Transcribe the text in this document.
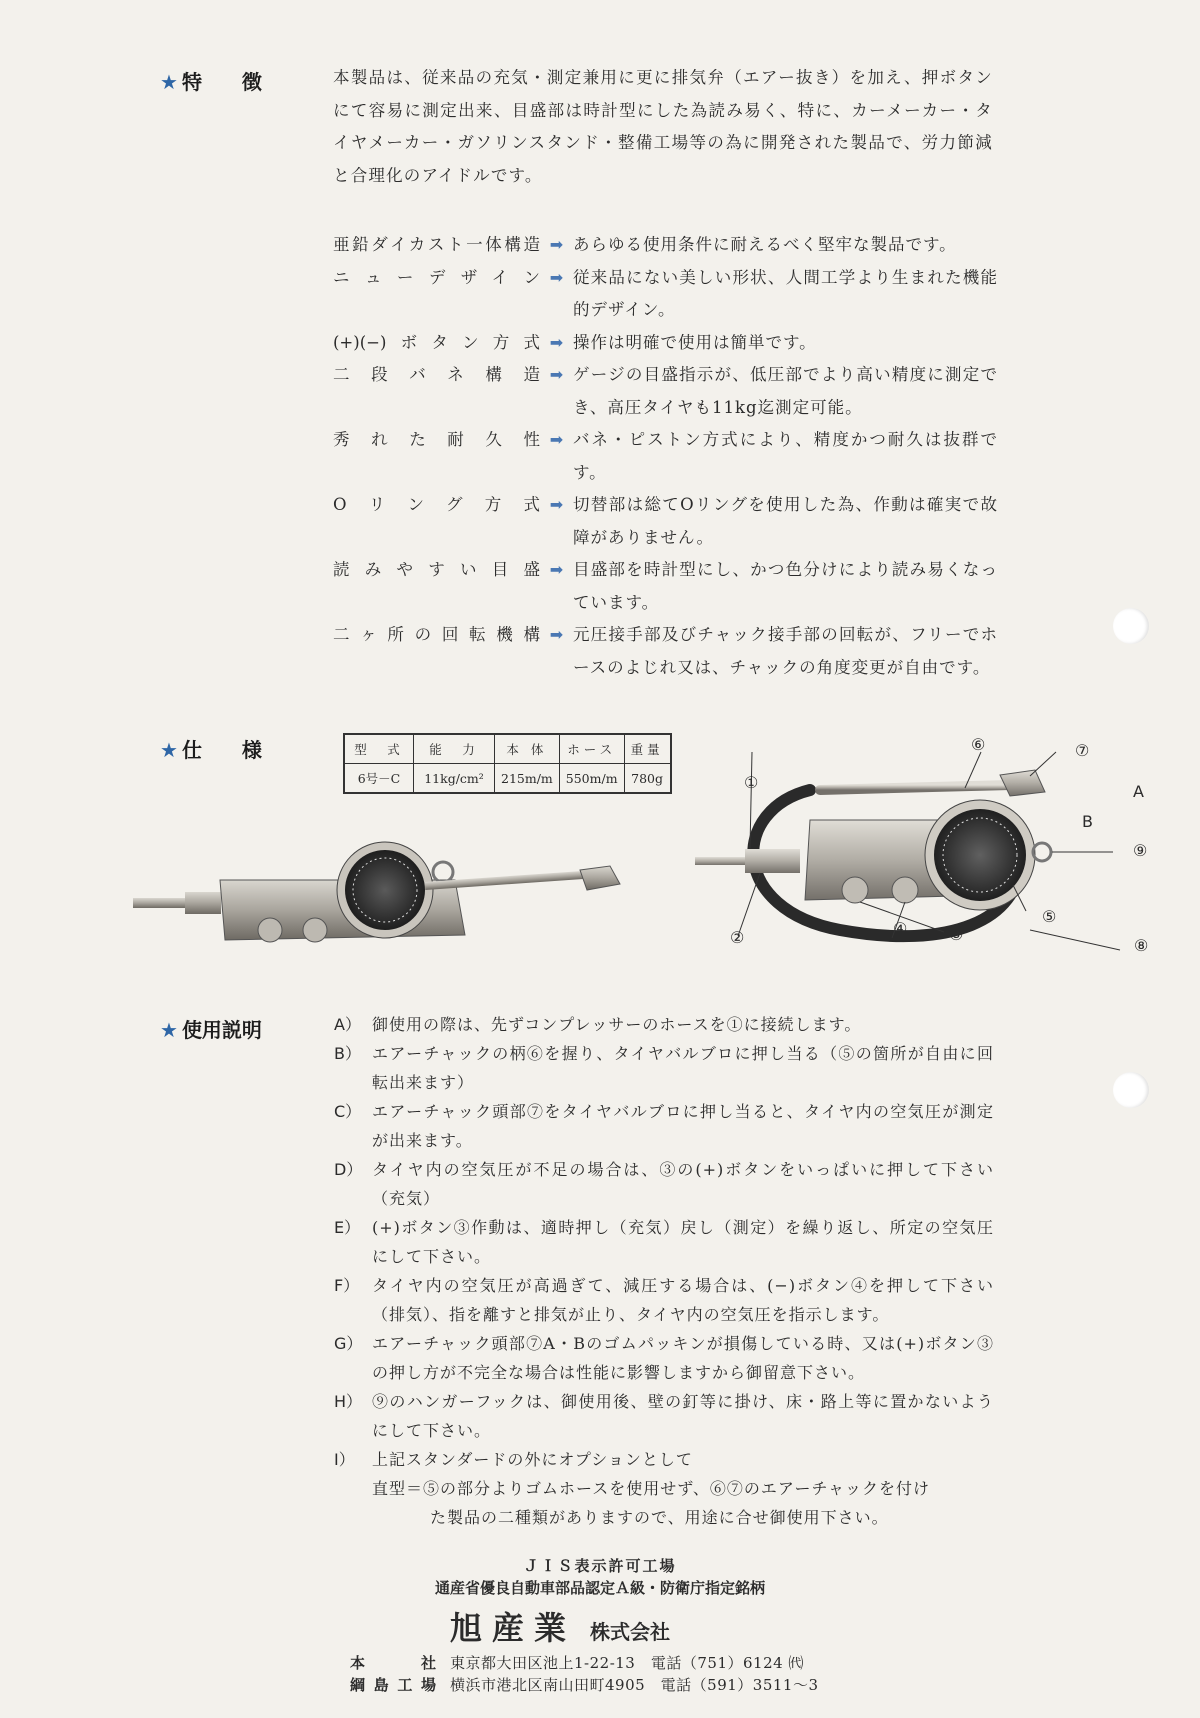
★ 特　　徴	本製品は、従来品の充気・測定兼用に更に排気弁（エアー抜き）を加え、押ボタンにて容易に測定出来、目盛部は時計型にした為読み易く、特に、カーメーカー・タイヤメーカー・ガソリンスタンド・整備工場等の為に開発された製品で、労力節減と合理化のアイドルです。
亜鉛ダイカスト一体構造 ➡ あらゆる使用条件に耐えるべく堅牢な製品です。
ニューデザイン ➡ 従来品にない美しい形状、人間工学より生まれた機能的デザイン。
(+)(−)ボタン方式 ➡ 操作は明確で使用は簡単です。
二段バネ構造 ➡ ゲージの目盛指示が、低圧部でより高い精度に測定でき、高圧タイヤも11kg迄測定可能。
秀れた耐久性 ➡ バネ・ピストン方式により、精度かつ耐久は抜群です。
Oリング方式 ➡ 切替部は総てOリングを使用した為、作動は確実で故障がありません。
読みやすい目盛 ➡ 目盛部を時計型にし、かつ色分けにより読み易くなっています。
二ヶ所の回転機構 ➡ 元圧接手部及びチャック接手部の回転が、フリーでホースのよじれ又は、チャックの角度変更が自由です。
★ 仕　　様	型　式	能　力	本 体	ホース	重量
6号－C	11kg/cm²	215m/m	550m/m	780g	①
②	③
④
⑤
⑥	⑦
⑧
⑨
A
B
★ 使用説明	A） 御使用の際は、先ずコンプレッサーのホースを①に接続します。
B） エアーチャックの柄⑥を握り、タイヤバルブロに押し当る（⑤の箇所が自由に回転出来ます）
C） エアーチャック頭部⑦をタイヤバルブロに押し当ると、タイヤ内の空気圧が測定が出来ます。
D） タイヤ内の空気圧が不足の場合は、③の(+)ボタンをいっぱいに押して下さい（充気）
E） (+)ボタン③作動は、適時押し（充気）戻し（測定）を繰り返し、所定の空気圧にして下さい。
F） タイヤ内の空気圧が高過ぎて、減圧する場合は、(−)ボタン④を押して下さい（排気）、指を離すと排気が止り、タイヤ内の空気圧を指示します。
G） エアーチャック頭部⑦A・Bのゴムパッキンが損傷している時、又は(+)ボタン③の押し方が不完全な場合は性能に影響しますから御留意下さい。
H） ⑨のハンガーフックは、御使用後、壁の釘等に掛け、床・路上等に置かないようにして下さい。
I）	上記スタンダードの外にオプションとして
直型＝⑤の部分よりゴムホースを使用せず、⑥⑦のエアーチャックを付け
た製品の二種類がありますので、用途に合せ御使用下さい。
ＪＩＳ表示許可工場
通産省優良自動車部品認定Ａ級・防衛庁指定銘柄
旭産業 株式会社
本社 東京都大田区池上1-22-13　電話（751）6124 ㈹
綱島工場 横浜市港北区南山田町4905　電話（591）3511〜3
